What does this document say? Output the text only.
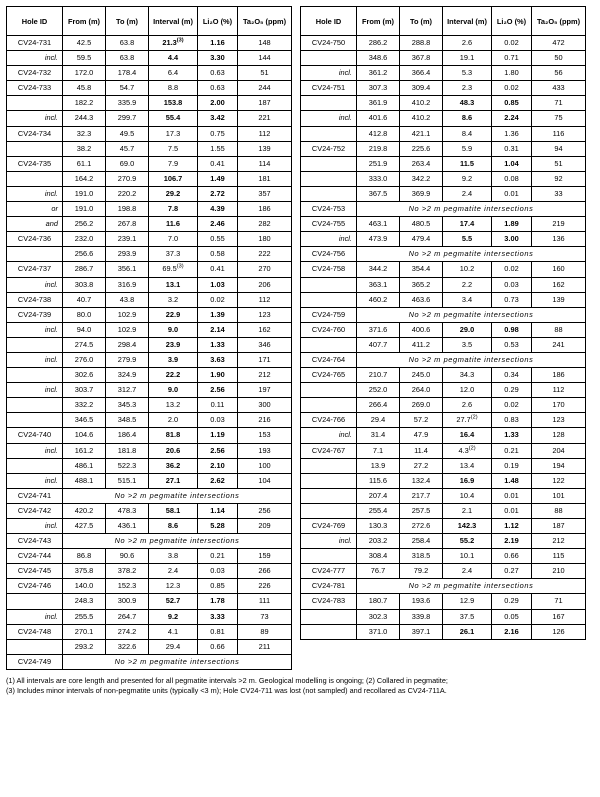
Hole ID	From (m)	To (m)	Interval (m)	Li₂O (%)	Ta₂O₅ (ppm)
CV24-731	42.5	63.8	21.3$^{(3)}$	1.16	148
incl.	59.5	63.8	4.4	3.30	144
CV24-732	172.0	178.4	6.4	0.63	51
CV24-733	45.8	54.7	8.8	0.63	244
	182.2	335.9	153.8	2.00	187
incl.	244.3	299.7	55.4	3.42	221
CV24-734	32.3	49.5	17.3	0.75	112
	38.2	45.7	7.5	1.55	139
CV24-735	61.1	69.0	7.9	0.41	114
	164.2	270.9	106.7	1.49	181
incl.	191.0	220.2	29.2	2.72	357
or	191.0	198.8	7.8	4.39	186
and	256.2	267.8	11.6	2.46	282
CV24-736	232.0	239.1	7.0	0.55	180
	256.6	293.9	37.3	0.58	222
CV24-737	286.7	356.1	69.5$^{(3)}$	0.41	270
incl.	303.8	316.9	13.1	1.03	206
CV24-738	40.7	43.8	3.2	0.02	112
CV24-739	80.0	102.9	22.9	1.39	123
incl.	94.0	102.9	9.0	2.14	162
	274.5	298.4	23.9	1.33	346
incl.	276.0	279.9	3.9	3.63	171
	302.6	324.9	22.2	1.90	212
incl.	303.7	312.7	9.0	2.56	197
	332.2	345.3	13.2	0.11	300
	346.5	348.5	2.0	0.03	216
CV24-740	104.6	186.4	81.8	1.19	153
incl.	161.2	181.8	20.6	2.56	193
	486.1	522.3	36.2	2.10	100
incl.	488.1	515.1	27.1	2.62	104
CV24-741	No >2 m pegmatite intersections				
CV24-742	420.2	478.3	58.1	1.14	256
incl.	427.5	436.1	8.6	5.28	209
CV24-743	No >2 m pegmatite intersections				
CV24-744	86.8	90.6	3.8	0.21	159
CV24-745	375.8	378.2	2.4	0.03	266
CV24-746	140.0	152.3	12.3	0.85	226
	248.3	300.9	52.7	1.78	111
incl.	255.5	264.7	9.2	3.33	73
CV24-748	270.1	274.2	4.1	0.81	89
	293.2	322.6	29.4	0.66	211
CV24-749	No >2 m pegmatite intersections				
Hole ID	From (m)	To (m)	Interval (m)	Li₂O (%)	Ta₂O₅ (ppm)
CV24-750	286.2	288.8	2.6	0.02	472
	348.6	367.8	19.1	0.71	50
incl.	361.2	366.4	5.3	1.80	56
CV24-751	307.3	309.4	2.3	0.02	433
	361.9	410.2	48.3	0.85	71
incl.	401.6	410.2	8.6	2.24	75
	412.8	421.1	8.4	1.36	116
CV24-752	219.8	225.6	5.9	0.31	94
	251.9	263.4	11.5	1.04	51
	333.0	342.2	9.2	0.08	92
	367.5	369.9	2.4	0.01	33
CV24-753	No >2 m pegmatite intersections				
CV24-755	463.1	480.5	17.4	1.89	219
incl.	473.9	479.4	5.5	3.00	136
CV24-756	No >2 m pegmatite intersections				
CV24-758	344.2	354.4	10.2	0.02	160
	363.1	365.2	2.2	0.03	162
	460.2	463.6	3.4	0.73	139
CV24-759	No >2 m pegmatite intersections				
CV24-760	371.6	400.6	29.0	0.98	88
	407.7	411.2	3.5	0.53	241
CV24-764	No >2 m pegmatite intersections				
CV24-765	210.7	245.0	34.3	0.34	186
	252.0	264.0	12.0	0.29	112
	266.4	269.0	2.6	0.02	170
CV24-766	29.4	57.2	27.7$^{(2)}$	0.83	123
incl.	31.4	47.9	16.4	1.33	128
CV24-767	7.1	11.4	4.3$^{(2)}$	0.21	204
	13.9	27.2	13.4	0.19	194
	115.6	132.4	16.9	1.48	122
	207.4	217.7	10.4	0.01	101
	255.4	257.5	2.1	0.01	88
CV24-769	130.3	272.6	142.3	1.12	187
incl.	203.2	258.4	55.2	2.19	212
	308.4	318.5	10.1	0.66	115
CV24-777	76.7	79.2	2.4	0.27	210
CV24-781	No >2 m pegmatite intersections				
CV24-783	180.7	193.6	12.9	0.29	71
	302.3	339.8	37.5	0.05	167
	371.0	397.1	26.1	2.16	126
(1) All intervals are core length and presented for all pegmatite intervals >2 m. Geological modelling is ongoing; (2) Collared in pegmatite;
(3) Includes minor intervals of non-pegmatite units (typically <3 m); Hole CV24-711 was lost (not sampled) and recollared as CV24-711A.
